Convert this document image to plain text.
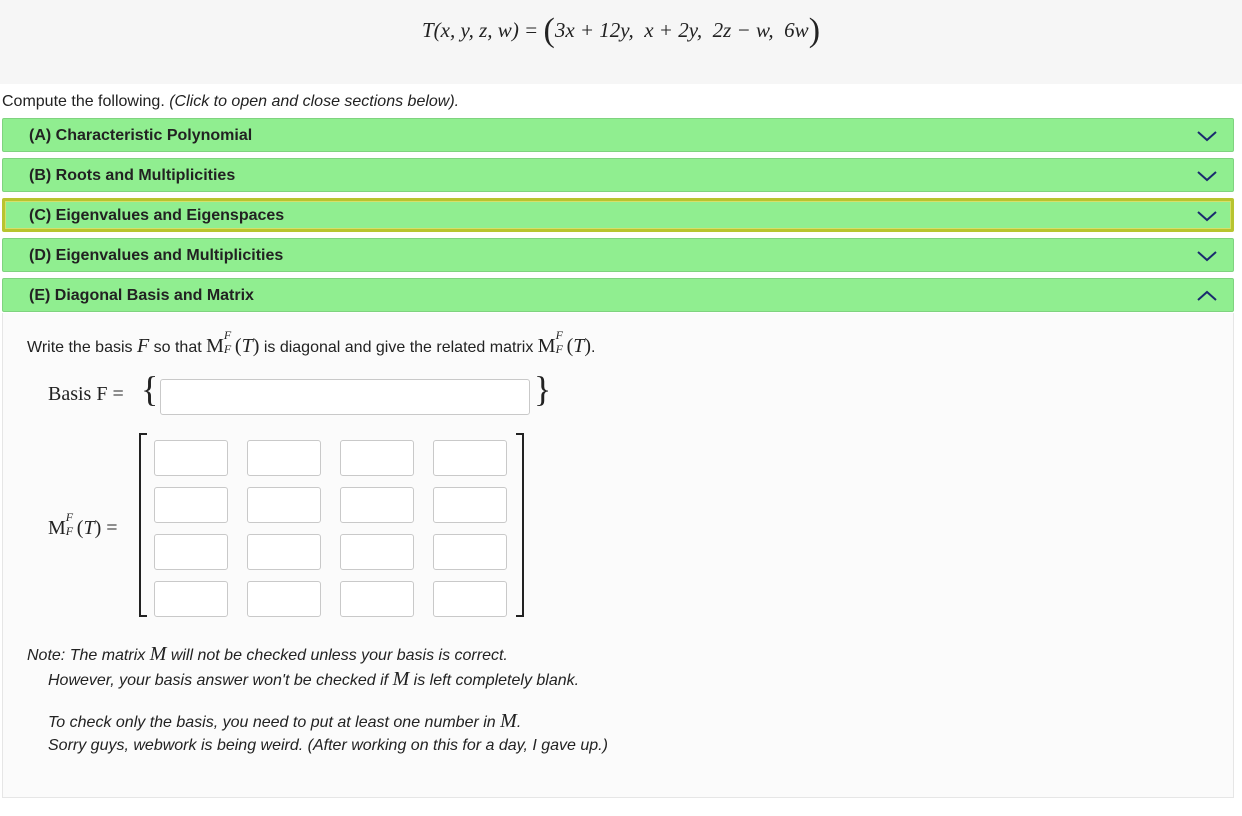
T(x, y, z, w) = (3x + 12y, x + 2y, 2z − w, 6w)
Compute the following. (Click to open and close sections below).
(A) Characteristic Polynomial
(B) Roots and Multiplicities
(C) Eigenvalues and Eigenspaces
(D) Eigenvalues and Multiplicities
(E) Diagonal Basis and Matrix
Write the basis F so that M F
F (T) is diagonal and give the related matrix M F
F (T).
Basis F = {	}
M F
F (T) =
Note: The matrix M will not be checked unless your basis is correct.
However, your basis answer won't be checked if M is left completely blank.
To check only the basis, you need to put at least one number in M.
Sorry guys, webwork is being weird. (After working on this for a day, I gave up.)
